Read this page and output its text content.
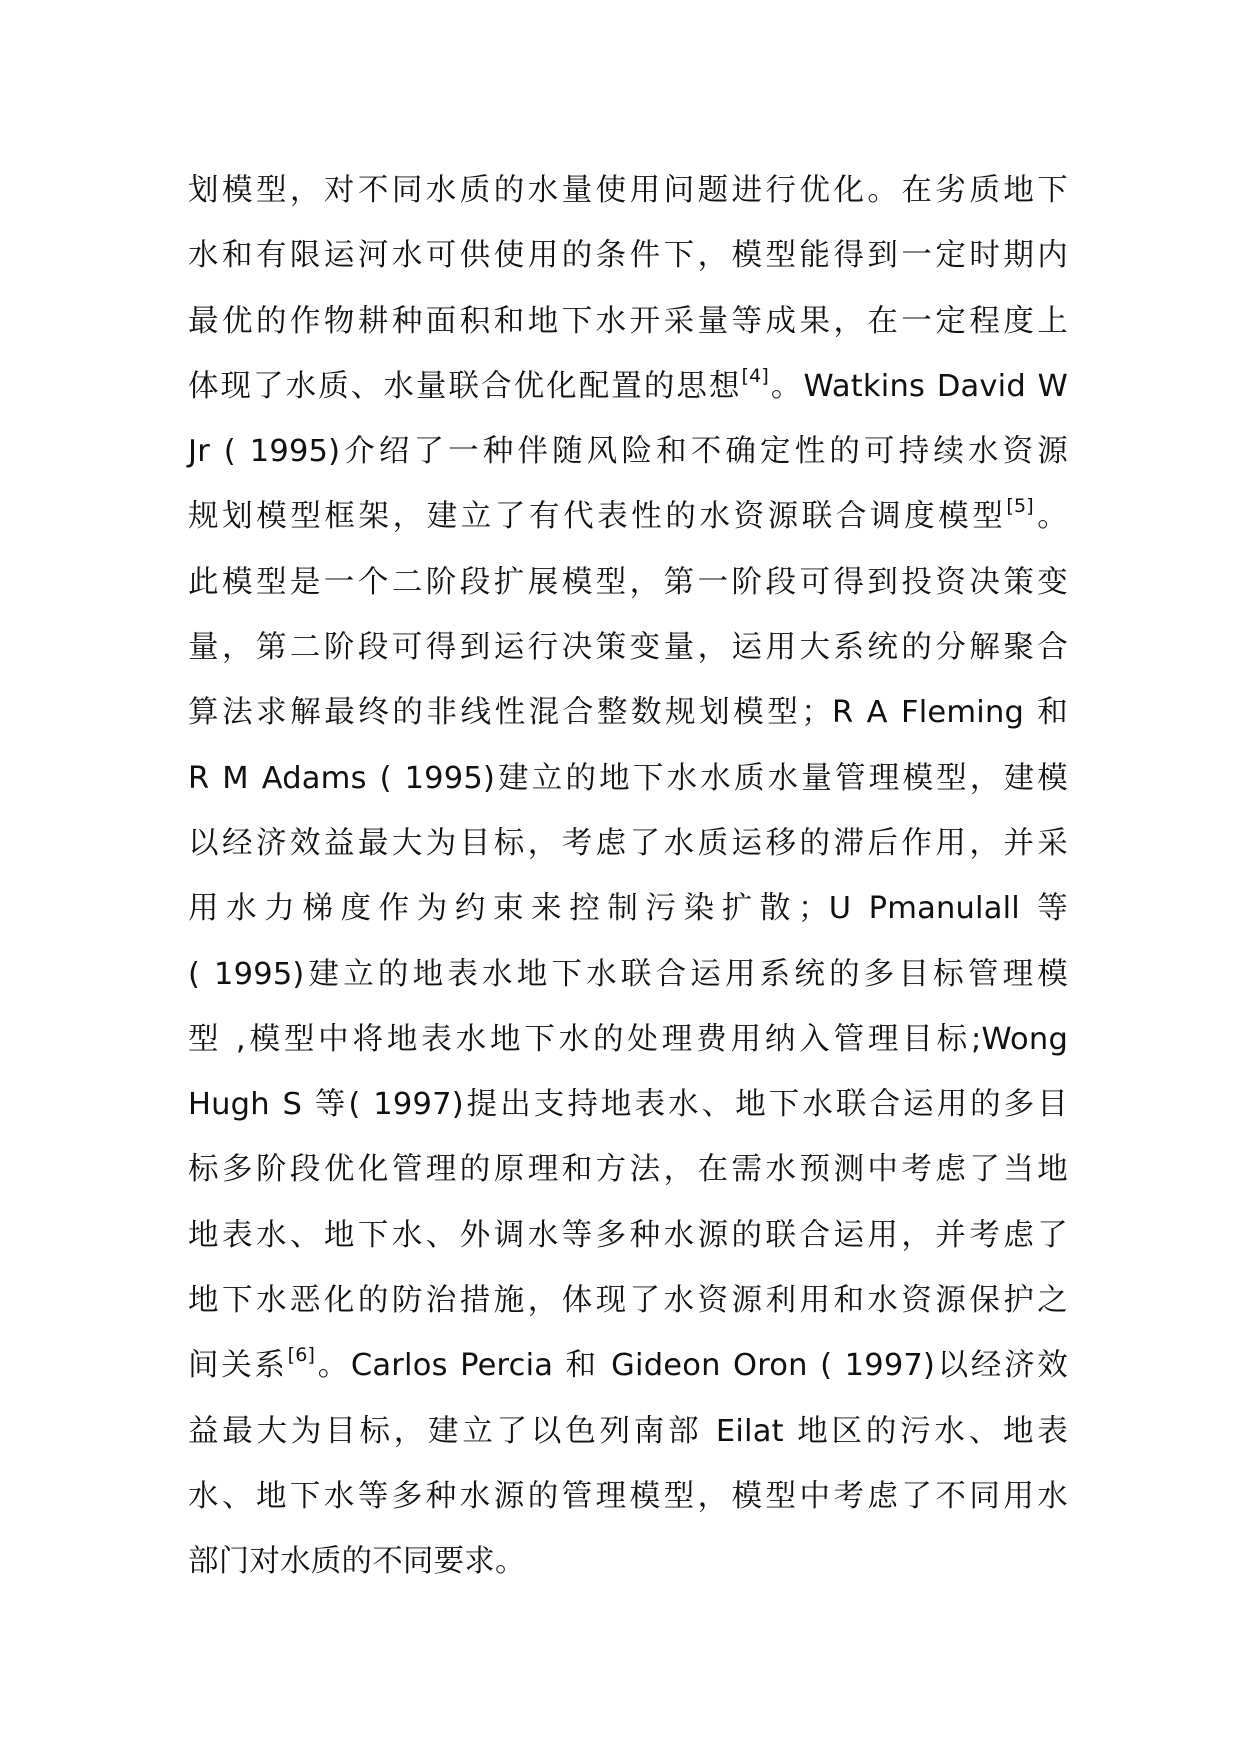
划模型，对不同水质的水量使用问题进行优化。在劣质地下
水和有限运河水可供使用的条件下，模型能得到一定时期内
最优的作物耕种面积和地下水开采量等成果，在一定程度上
体现了水质、水量联合优化配置的思想[4]。Watkins David W
Jr ( 1995)介绍了一种伴随风险和不确定性的可持续水资源
规划模型框架，建立了有代表性的水资源联合调度模型[5]。
此模型是一个二阶段扩展模型，第一阶段可得到投资决策变
量，第二阶段可得到运行决策变量，运用大系统的分解聚合
算法求解最终的非线性混合整数规划模型；R A Fleming 和
R M Adams ( 1995)建立的地下水水质水量管理模型，建模
以经济效益最大为目标，考虑了水质运移的滞后作用，并采
用水力梯度作为约束来控制污染扩散；U Pmanulall 等
( 1995)建立的地表水地下水联合运用系统的多目标管理模
型 ,模型中将地表水地下水的处理费用纳入管理目标;Wong
Hugh S 等( 1997)提出支持地表水、地下水联合运用的多目
标多阶段优化管理的原理和方法，在需水预测中考虑了当地
地表水、地下水、外调水等多种水源的联合运用，并考虑了
地下水恶化的防治措施，体现了水资源利用和水资源保护之
间关系[6]。Carlos Percia 和 Gideon Oron ( 1997)以经济效
益最大为目标，建立了以色列南部 Eilat 地区的污水、地表
水、地下水等多种水源的管理模型，模型中考虑了不同用水
部门对水质的不同要求。
